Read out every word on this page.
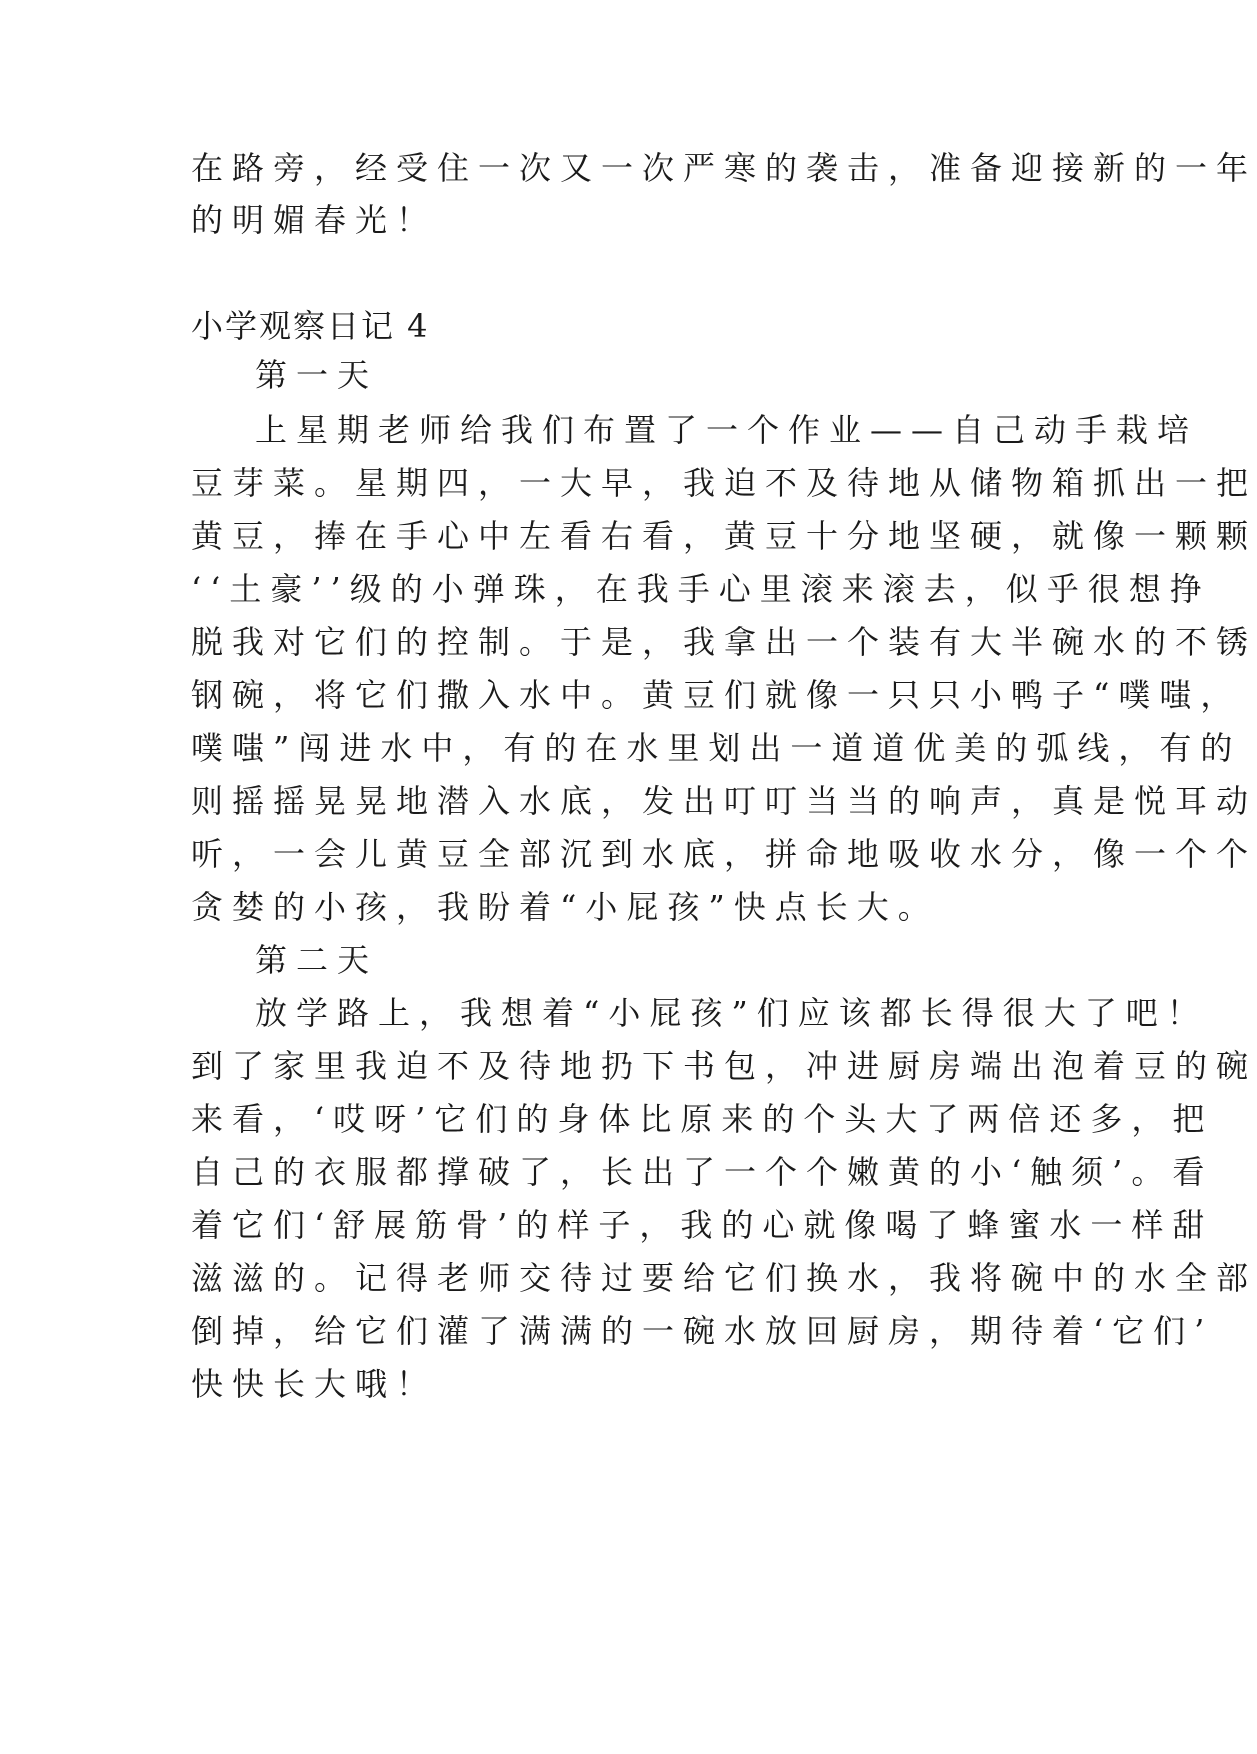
在路旁，经受住一次又一次严寒的袭击，准备迎接新的一年
的明媚春光！
小学观察日记 4
第一天
上星期老师给我们布置了一个作业——自己动手栽培
豆芽菜。星期四，一大早，我迫不及待地从储物箱抓出一把
黄豆，捧在手心中左看右看，黄豆十分地坚硬，就像一颗颗
‘‘土豪’’级的小弹珠，在我手心里滚来滚去，似乎很想挣
脱我对它们的控制。于是，我拿出一个装有大半碗水的不锈
钢碗，将它们撒入水中。黄豆们就像一只只小鸭子“噗嗤，
噗嗤”闯进水中，有的在水里划出一道道优美的弧线，有的
则摇摇晃晃地潜入水底，发出叮叮当当的响声，真是悦耳动
听，一会儿黄豆全部沉到水底，拼命地吸收水分，像一个个
贪婪的小孩，我盼着“小屁孩”快点长大。
第二天
放学路上，我想着“小屁孩”们应该都长得很大了吧！
到了家里我迫不及待地扔下书包，冲进厨房端出泡着豆的碗
来看，‘哎呀’它们的身体比原来的个头大了两倍还多，把
自己的衣服都撑破了，长出了一个个嫩黄的小‘触须’。看
着它们‘舒展筋骨’的样子，我的心就像喝了蜂蜜水一样甜
滋滋的。记得老师交待过要给它们换水，我将碗中的水全部
倒掉，给它们灌了满满的一碗水放回厨房，期待着‘它们’
快快长大哦！
